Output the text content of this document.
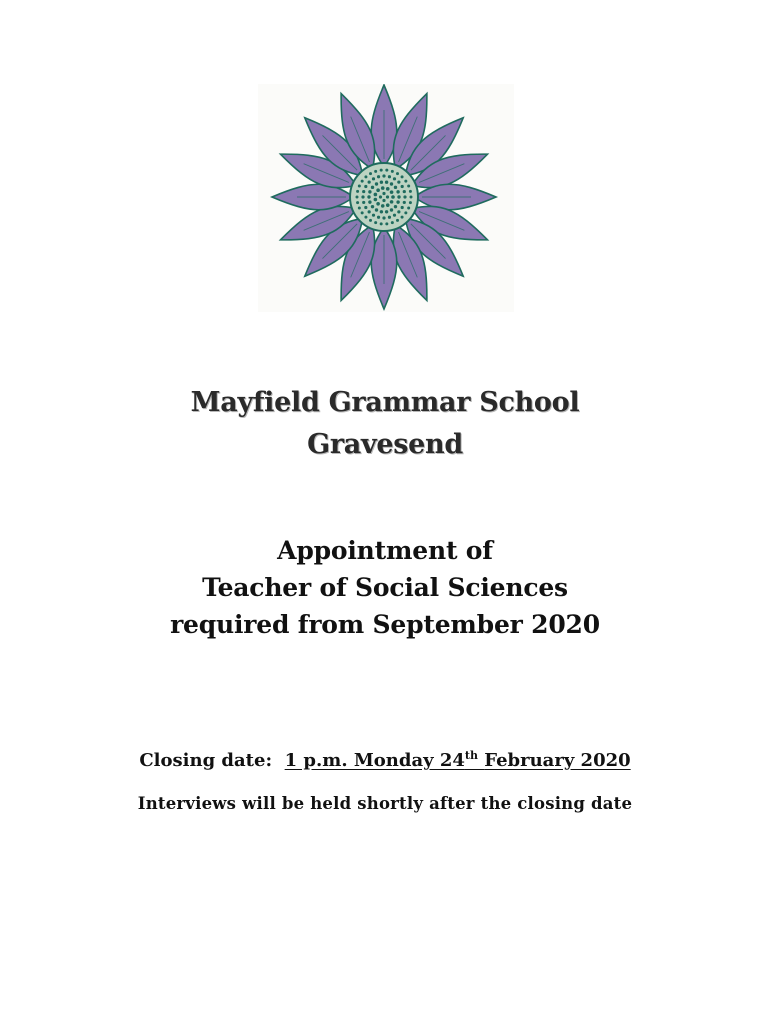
Mayfield Grammar School
Gravesend
Appointment of
Teacher of Social Sciences
required from September 2020
Closing date: 1 p.m. Monday 24th February 2020
Interviews will be held shortly after the closing date
